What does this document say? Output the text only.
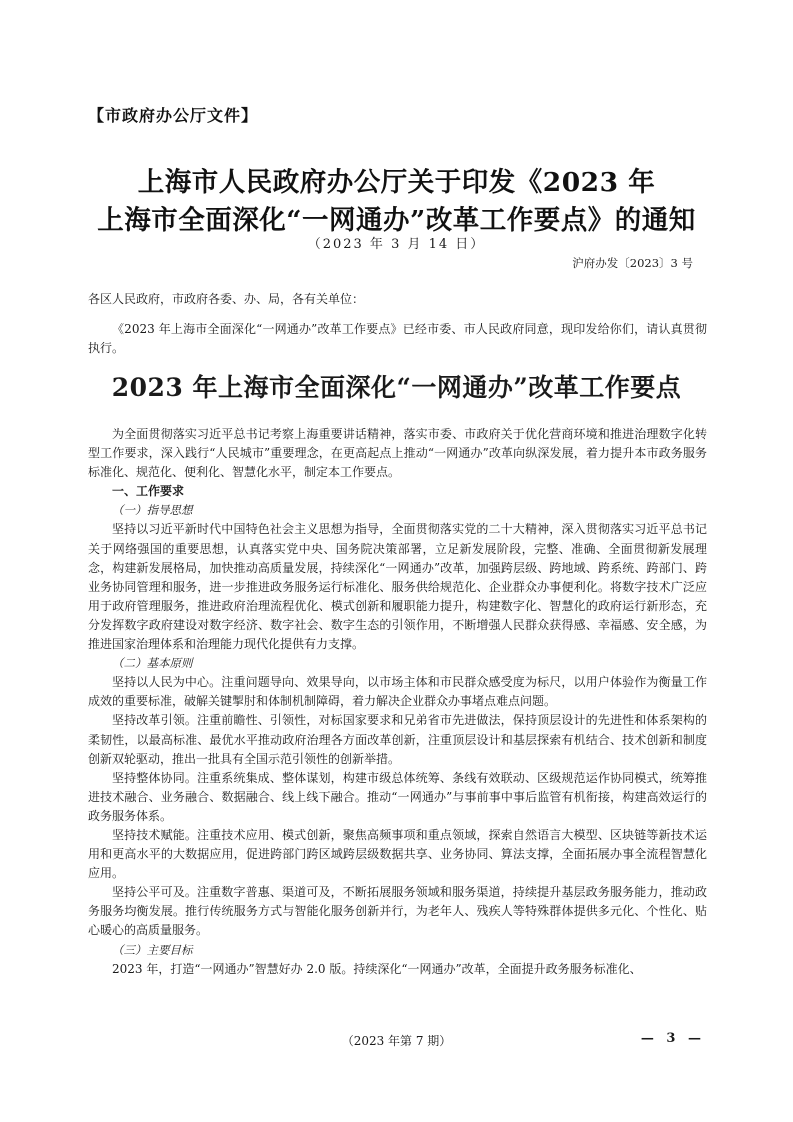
【市政府办公厅文件】
上海市人民政府办公厅关于印发《2023 年
上海市全面深化“一网通办”改革工作要点》的通知
（2023 年 3 月 14 日）
沪府办发〔2023〕3 号
各区人民政府，市政府各委、办、局，各有关单位：

《2023 年上海市全面深化“一网通办”改革工作要点》已经市委、市人民政府同意，现印发给你们，请认真贯彻执行。

2023 年上海市全面深化“一网通办”改革工作要点

为全面贯彻落实习近平总书记考察上海重要讲话精神，落实市委、市政府关于优化营商环境和推进治理数字化转型工作要求，深入践行“人民城市”重要理念，在更高起点上推动“一网通办”改革向纵深发展，着力提升本市政务服务标准化、规范化、便利化、智慧化水平，制定本工作要点。

一、工作要求

（一）指导思想

坚持以习近平新时代中国特色社会主义思想为指导，全面贯彻落实党的二十大精神，深入贯彻落实习近平总书记关于网络强国的重要思想，认真落实党中央、国务院决策部署，立足新发展阶段，完整、准确、全面贯彻新发展理念，构建新发展格局，加快推动高质量发展，持续深化“一网通办”改革，加强跨层级、跨地域、跨系统、跨部门、跨业务协同管理和服务，进一步推进政务服务运行标准化、服务供给规范化、企业群众办事便利化。将数字技术广泛应用于政府管理服务，推进政府治理流程优化、模式创新和履职能力提升，构建数字化、智慧化的政府运行新形态，充分发挥数字政府建设对数字经济、数字社会、数字生态的引领作用，不断增强人民群众获得感、幸福感、安全感，为推进国家治理体系和治理能力现代化提供有力支撑。

（二）基本原则

坚持以人民为中心。注重问题导向、效果导向，以市场主体和市民群众感受度为标尺，以用户体验作为衡量工作成效的重要标准，破解关键掣肘和体制机制障碍，着力解决企业群众办事堵点难点问题。

坚持改革引领。注重前瞻性、引领性，对标国家要求和兄弟省市先进做法，保持顶层设计的先进性和体系架构的柔韧性，以最高标准、最优水平推动政府治理各方面改革创新，注重顶层设计和基层探索有机结合、技术创新和制度创新双轮驱动，推出一批具有全国示范引领性的创新举措。

坚持整体协同。注重系统集成、整体谋划，构建市级总体统筹、条线有效联动、区级规范运作协同模式，统筹推进技术融合、业务融合、数据融合、线上线下融合。推动“一网通办”与事前事中事后监管有机衔接，构建高效运行的政务服务体系。

坚持技术赋能。注重技术应用、模式创新，聚焦高频事项和重点领域，探索自然语言大模型、区块链等新技术运用和更高水平的大数据应用，促进跨部门跨区域跨层级数据共享、业务协同、算法支撑，全面拓展办事全流程智慧化应用。

坚持公平可及。注重数字普惠、渠道可及，不断拓展服务领域和服务渠道，持续提升基层政务服务能力，推动政务服务均衡发展。推行传统服务方式与智能化服务创新并行，为老年人、残疾人等特殊群体提供多元化、个性化、贴心暖心的高质量服务。

（三）主要目标

2023 年，打造“一网通办”智慧好办 2.0 版。持续深化“一网通办”改革，全面提升政务服务标准化、

（2023 年第 7 期）	— 3 —
